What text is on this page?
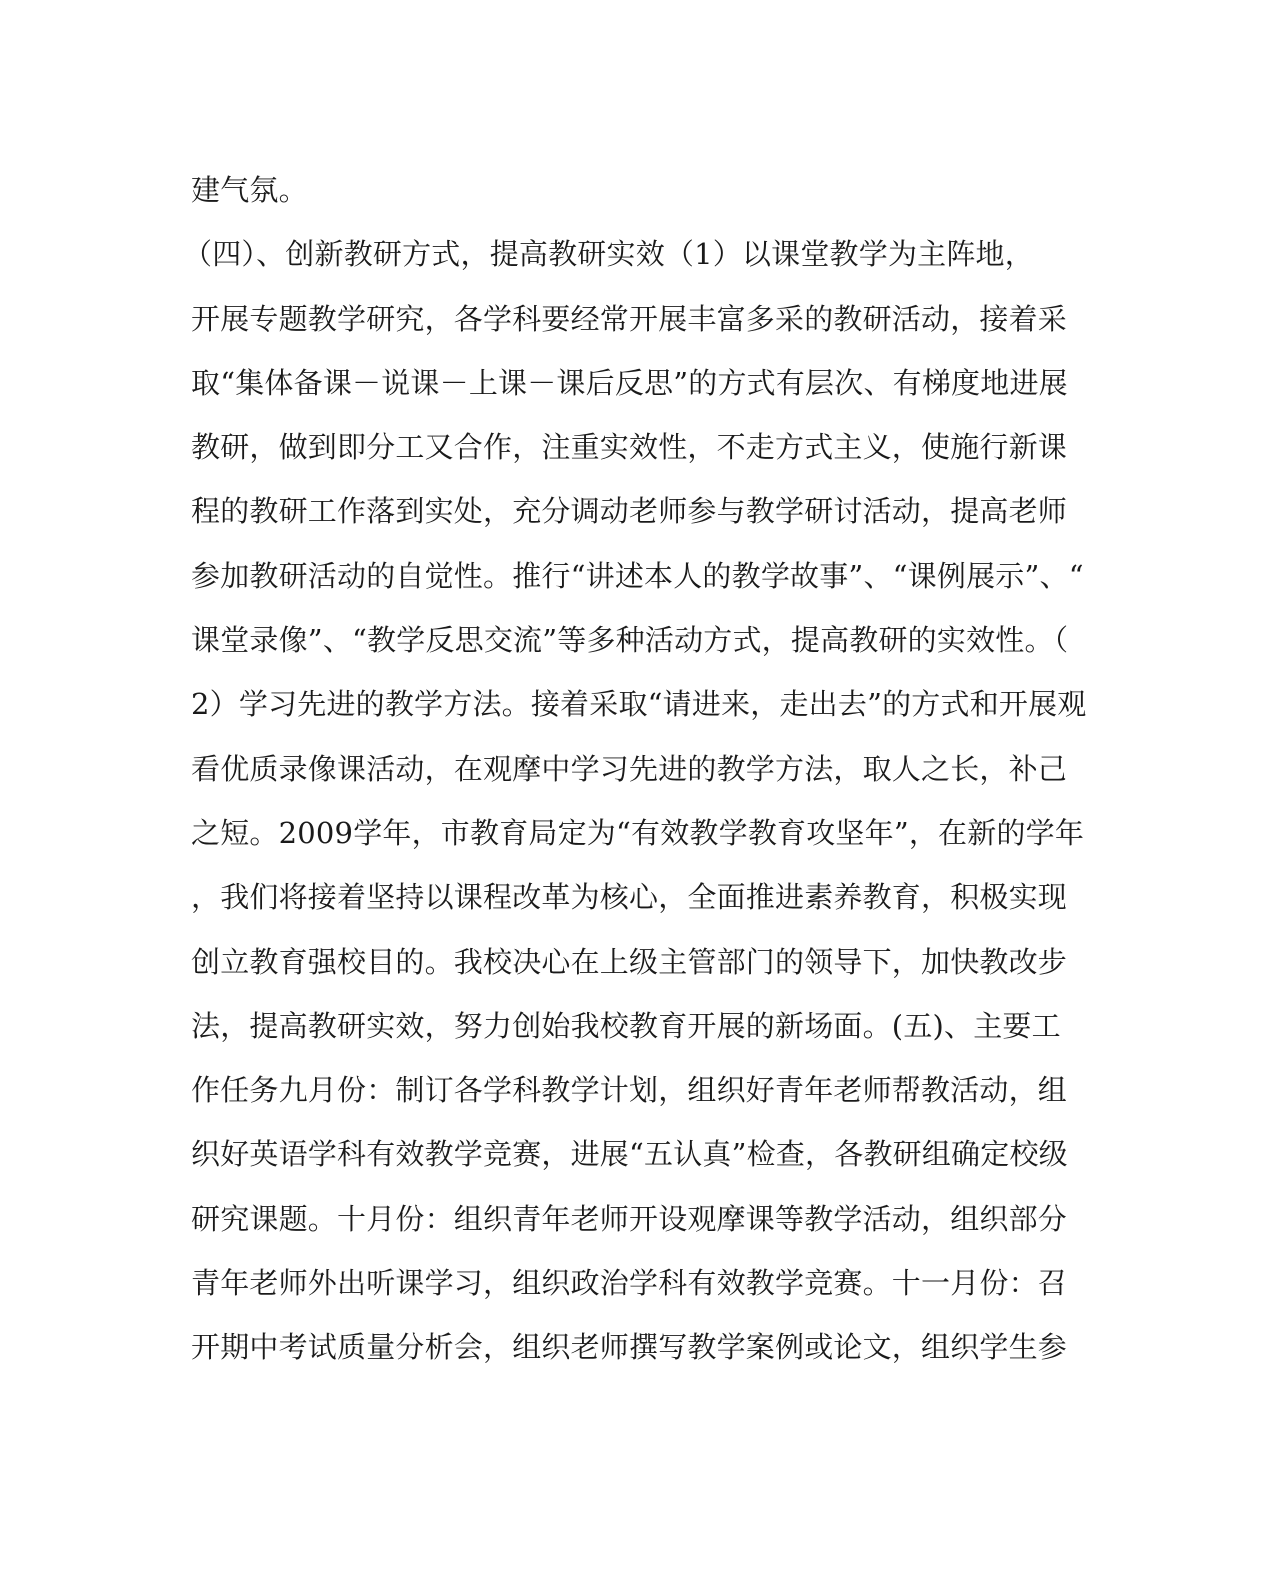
建气氛。
（四）、创新教研方式，提高教研实效（1）以课堂教学为主阵地，
开展专题教学研究，各学科要经常开展丰富多采的教研活动，接着采
取“集体备课－说课－上课－课后反思”的方式有层次、有梯度地进展
教研，做到即分工又合作，注重实效性，不走方式主义，使施行新课
程的教研工作落到实处，充分调动老师参与教学研讨活动，提高老师
参加教研活动的自觉性。推行“讲述本人的教学故事”、“课例展示”、“
课堂录像”、“教学反思交流”等多种活动方式，提高教研的实效性。（
2）学习先进的教学方法。接着采取“请进来，走出去”的方式和开展观
看优质录像课活动，在观摩中学习先进的教学方法，取人之长，补己
之短。2009学年，市教育局定为“有效教学教育攻坚年”，在新的学年
，我们将接着坚持以课程改革为核心，全面推进素养教育，积极实现
创立教育强校目的。我校决心在上级主管部门的领导下，加快教改步
法，提高教研实效，努力创始我校教育开展的新场面。(五)、主要工
作任务九月份：制订各学科教学计划，组织好青年老师帮教活动，组
织好英语学科有效教学竞赛，进展“五认真”检查，各教研组确定校级
研究课题。十月份：组织青年老师开设观摩课等教学活动，组织部分
青年老师外出听课学习，组织政治学科有效教学竞赛。十一月份：召
开期中考试质量分析会，组织老师撰写教学案例或论文，组织学生参
